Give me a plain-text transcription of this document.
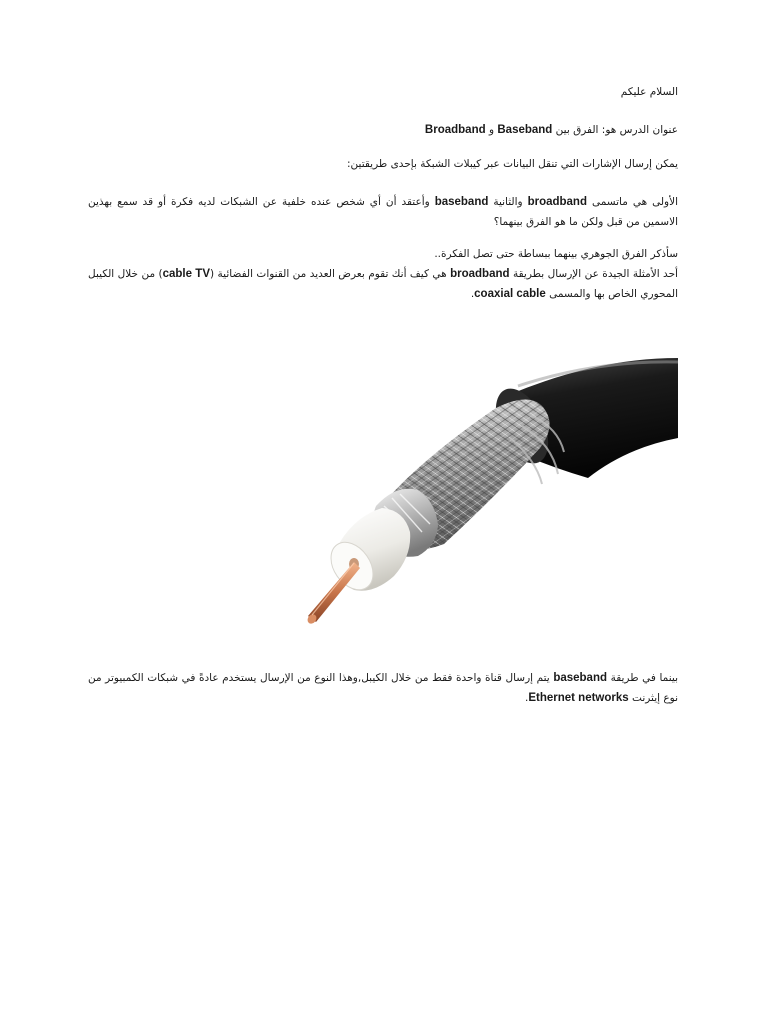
السلام عليكم

عنوان الدرس هو: الفرق بين Baseband و Broadband

يمكن إرسال الإشارات التي تنقل البيانات عبر كيبلات الشبكة بإحدى طريقتين:

الأولى هي ماتسمى broadband والثانية baseband وأعتقد أن أي شخص عنده خلفية عن الشبكات لديه فكرة أو قد سمع بهذين الاسمين من قبل ولكن ما هو الفرق بينهما؟

سأذكر الفرق الجوهري بينهما ببساطة حتى تصل الفكرة..

أحد الأمثلة الجيدة عن الإرسال بطريقة broadband هي كيف أنك تقوم بعرض العديد من القنوات الفضائية (cable TV) من خلال الكيبل المحوري الخاص بها والمسمى coaxial cable.

بينما في طريقة baseband يتم إرسال قناة واحدة فقط من خلال الكيبل,وهذا النوع من الإرسال يستخدم عادةً في شبكات الكمبيوتر من نوع إيثرنت Ethernet networks.
